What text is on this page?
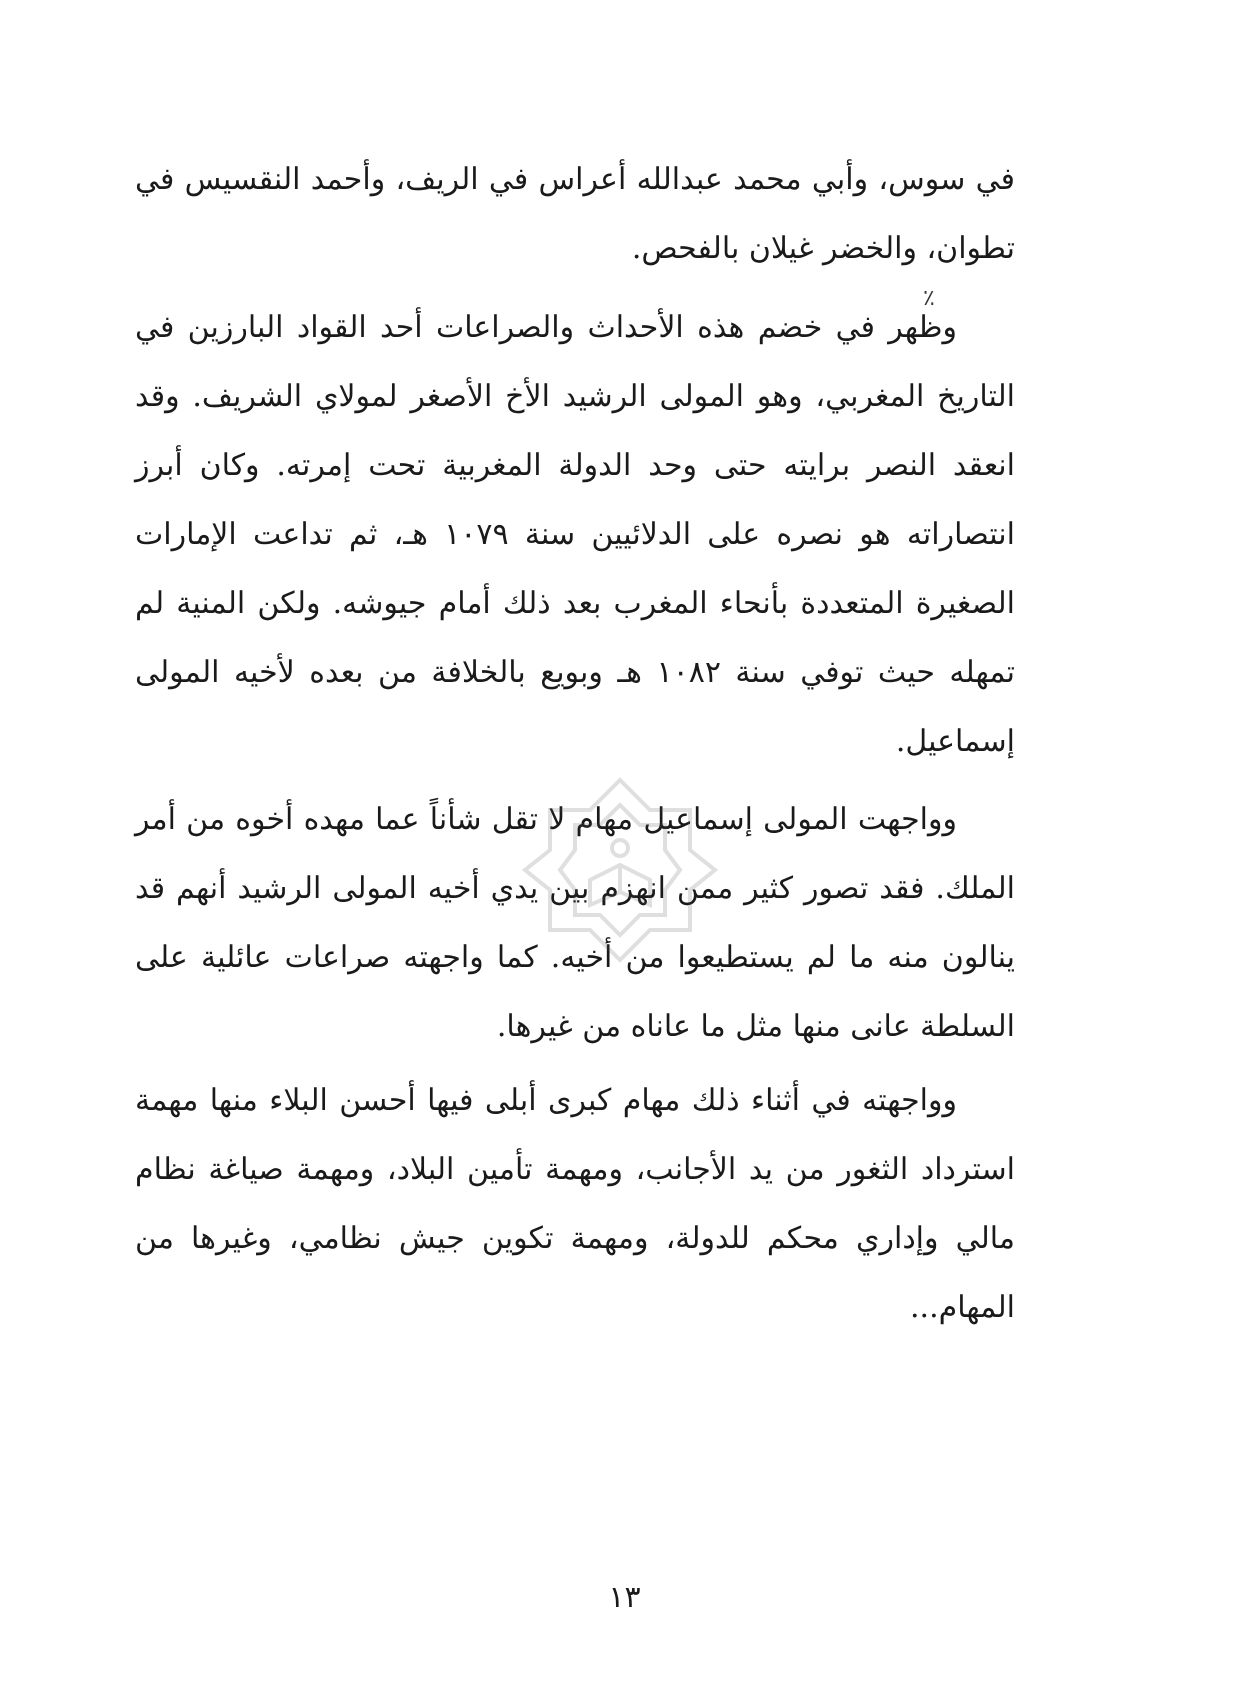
٪

في سوس، وأبي محمد عبدالله أعراس في الريف، وأحمد النقسيس في تطوان، والخضر غيلان بالفحص.

وظهر في خضم هذه الأحداث والصراعات أحد القواد البارزين في التاريخ المغربي، وهو المولى الرشيد الأخ الأصغر لمولاي الشريف. وقد انعقد النصر برايته حتى وحد الدولة المغربية تحت إمرته. وكان أبرز انتصاراته هو نصره على الدلائيين سنة ١٠٧٩ هـ، ثم تداعت الإمارات الصغيرة المتعددة بأنحاء المغرب بعد ذلك أمام جيوشه. ولكن المنية لم تمهله حيث توفي سنة ١٠٨٢ هـ وبويع بالخلافة من بعده لأخيه المولى إسماعيل.

وواجهت المولى إسماعيل مهام لا تقل شأناً عما مهده أخوه من أمر الملك. فقد تصور كثير ممن انهزم بين يدي أخيه المولى الرشيد أنهم قد ينالون منه ما لم يستطيعوا من أخيه. كما واجهته صراعات عائلية على السلطة عانى منها مثل ما عاناه من غيرها.

وواجهته في أثناء ذلك مهام كبرى أبلى فيها أحسن البلاء منها مهمة استرداد الثغور من يد الأجانب، ومهمة تأمين البلاد، ومهمة صياغة نظام مالي وإداري محكم للدولة، ومهمة تكوين جيش نظامي، وغيرها من المهام...

١٣
